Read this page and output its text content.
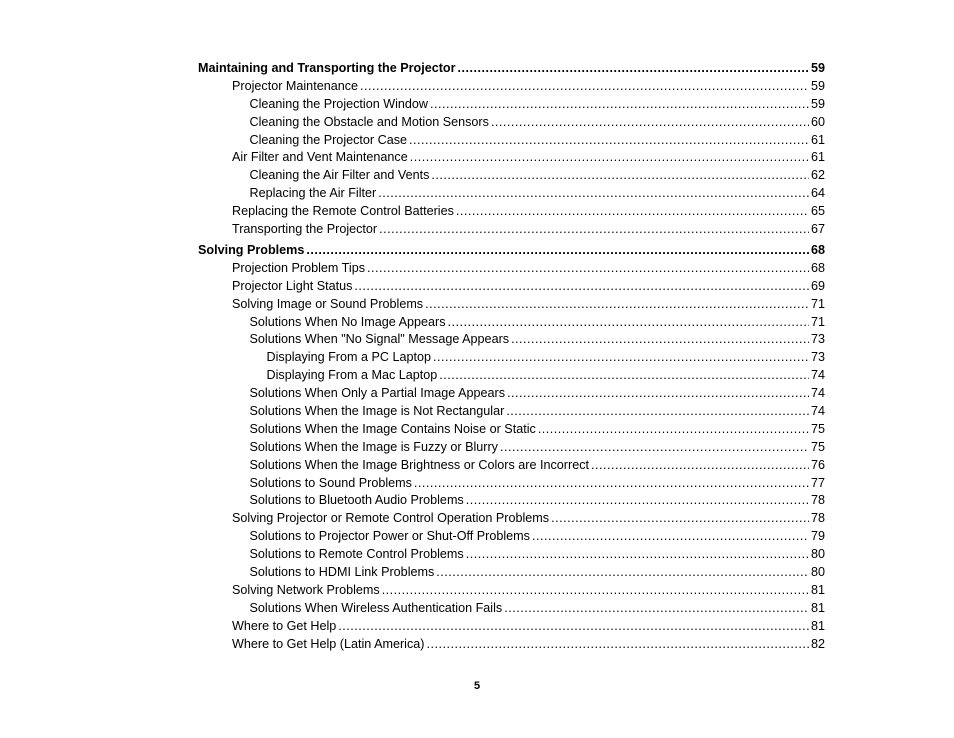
Maintaining and Transporting the Projector .....	59
Projector Maintenance .....	59
Cleaning the Projection Window .....	59
Cleaning the Obstacle and Motion Sensors .....	60
Cleaning the Projector Case .....	61
Air Filter and Vent Maintenance .....	61
Cleaning the Air Filter and Vents .....	62
Replacing the Air Filter .....	64
Replacing the Remote Control Batteries .....	65
Transporting the Projector .....	67
Solving Problems .....	68
Projection Problem Tips .....	68
Projector Light Status .....	69
Solving Image or Sound Problems .....	71
Solutions When No Image Appears .....	71
Solutions When "No Signal" Message Appears .....	73
Displaying From a PC Laptop .....	73
Displaying From a Mac Laptop .....	74
Solutions When Only a Partial Image Appears .....	74
Solutions When the Image is Not Rectangular .....	74
Solutions When the Image Contains Noise or Static .....	75
Solutions When the Image is Fuzzy or Blurry .....	75
Solutions When the Image Brightness or Colors are Incorrect .....	76
Solutions to Sound Problems .....	77
Solutions to Bluetooth Audio Problems .....	78
Solving Projector or Remote Control Operation Problems .....	78
Solutions to Projector Power or Shut-Off Problems .....	79
Solutions to Remote Control Problems .....	80
Solutions to HDMI Link Problems .....	80
Solving Network Problems .....	81
Solutions When Wireless Authentication Fails .....	81
Where to Get Help .....	81
Where to Get Help (Latin America) .....	82
5
